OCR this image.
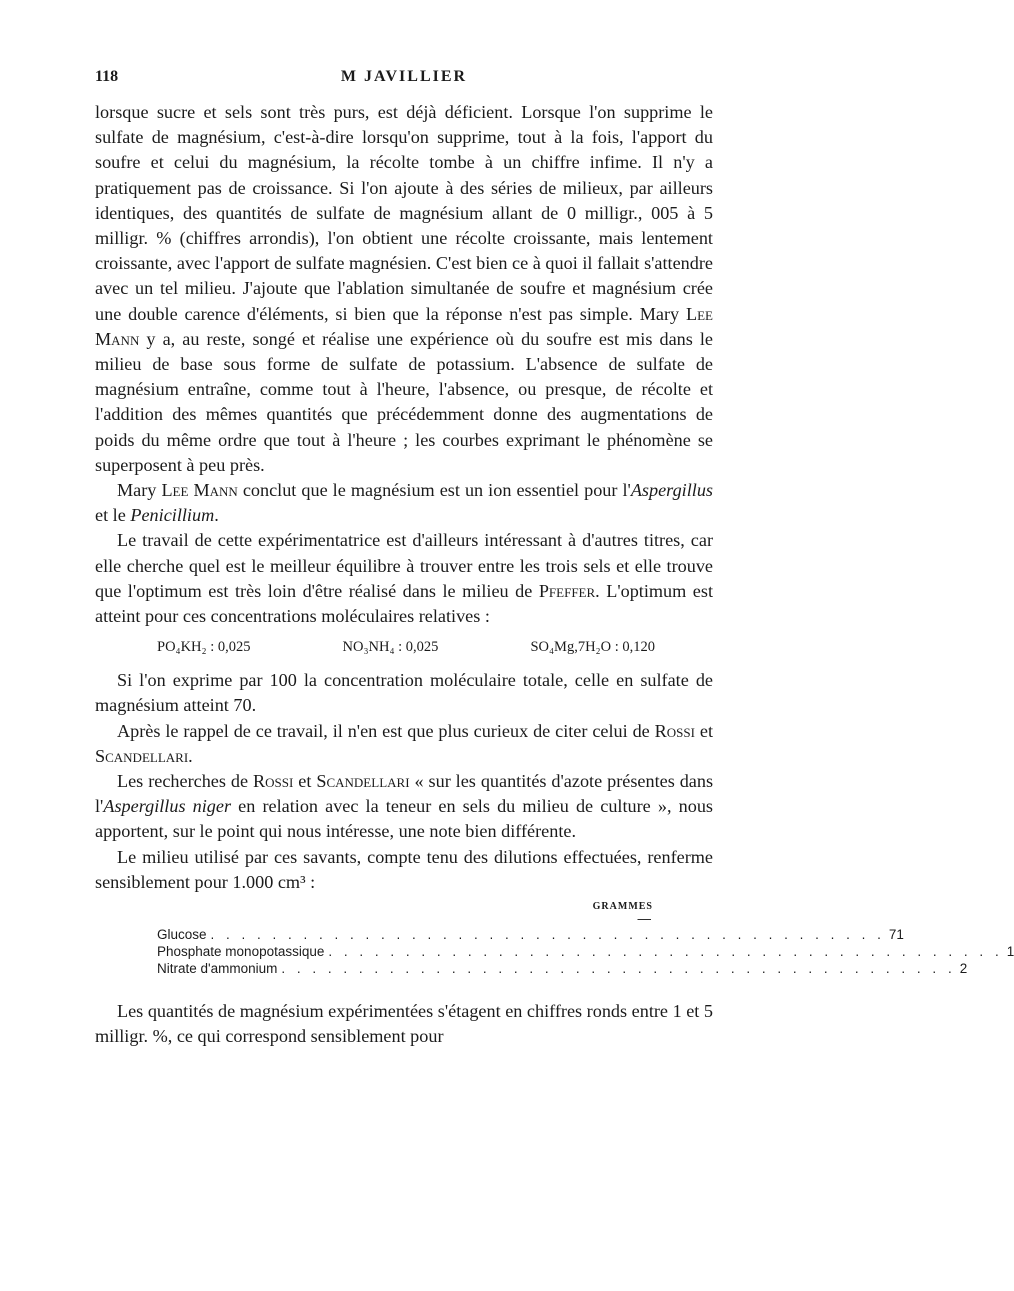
118	M JAVILLIER

lorsque sucre et sels sont très purs, est déjà déficient. Lorsque l'on supprime le sulfate de magnésium, c'est-à-dire lorsqu'on supprime, tout à la fois, l'apport du soufre et celui du magnésium, la récolte tombe à un chiffre infime. Il n'y a pratiquement pas de croissance. Si l'on ajoute à des séries de milieux, par ailleurs identiques, des quantités de sulfate de magnésium allant de 0 milligr., 005 à 5 milligr. % (chiffres arrondis), l'on obtient une récolte croissante, mais lentement croissante, avec l'apport de sulfate magnésien. C'est bien ce à quoi il fallait s'attendre avec un tel milieu. J'ajoute que l'ablation simultanée de soufre et magnésium crée une double carence d'éléments, si bien que la réponse n'est pas simple. Mary Lee Mann y a, au reste, songé et réalise une expérience où du soufre est mis dans le milieu de base sous forme de sulfate de potassium. L'absence de sulfate de magnésium entraîne, comme tout à l'heure, l'absence, ou presque, de récolte et l'addition des mêmes quantités que précédemment donne des augmentations de poids du même ordre que tout à l'heure ; les courbes exprimant le phénomène se superposent à peu près.

Mary Lee Mann conclut que le magnésium est un ion essentiel pour l'Aspergillus et le Penicillium.

Le travail de cette expérimentatrice est d'ailleurs intéressant à d'autres titres, car elle cherche quel est le meilleur équilibre à trouver entre les trois sels et elle trouve que l'optimum est très loin d'être réalisé dans le milieu de Pfeffer. L'optimum est atteint pour ces concentrations moléculaires relatives :

PO₄KH₂ : 0,025	NO₃NH₄ : 0,025	SO₄Mg,7H₂O : 0,120

Si l'on exprime par 100 la concentration moléculaire totale, celle en sulfate de magnésium atteint 70.

Après le rappel de ce travail, il n'en est que plus curieux de citer celui de Rossi et Scandellari.

Les recherches de Rossi et Scandellari « sur les quantités d'azote présentes dans l'Aspergillus niger en relation avec la teneur en sels du milieu de culture », nous apportent, sur le point qui nous intéresse, une note bien différente.

Le milieu utilisé par ces savants, compte tenu des dilutions effectuées, renferme sensiblement pour 1.000 cm³ :

GRAMMES
—
Glucose . . . . . . . . . . . . . . . . . . . . . . . . . . . . . . . . . . . . . . . . . . . . 71
Phosphate monopotassique . . . . . . . . . . . . . . . . . . . . . . . . . . . . . . . . . . . . . . . . . . . . 1
Nitrate d'ammonium . . . . . . . . . . . . . . . . . . . . . . . . . . . . . . . . . . . . . . . . . . . . 2

Les quantités de magnésium expérimentées s'étagent en chiffres ronds entre 1 et 5 milligr. %, ce qui correspond sensiblement pour
